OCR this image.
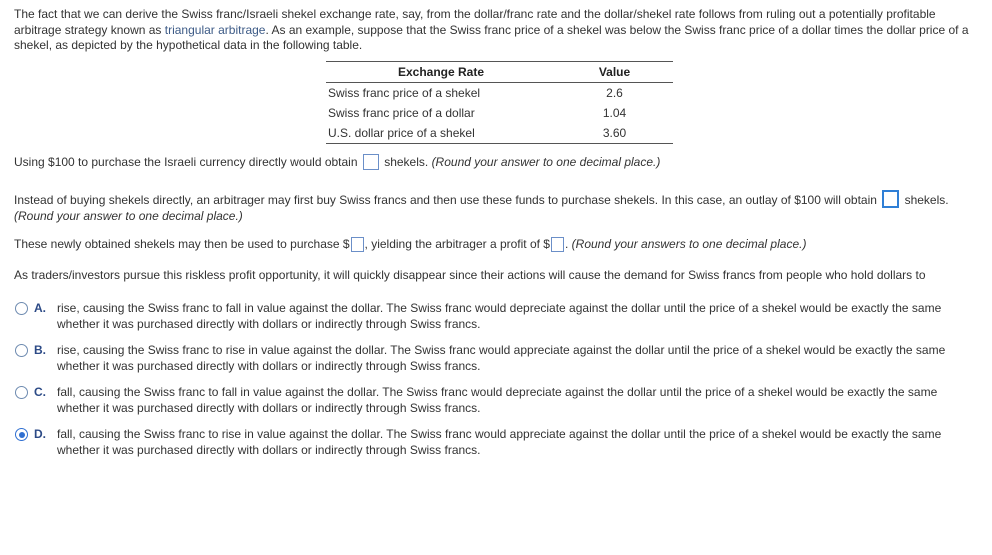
The fact that we can derive the Swiss franc/Israeli shekel exchange rate, say, from the dollar/franc rate and the dollar/shekel rate follows from ruling out a potentially profitable arbitrage strategy known as triangular arbitrage. As an example, suppose that the Swiss franc price of a shekel was below the Swiss franc price of a dollar times the dollar price of a shekel, as depicted by the hypothetical data in the following table.

Exchange Rate	Value
Swiss franc price of a shekel	2.6
Swiss franc price of a dollar	1.04
U.S. dollar price of a shekel	3.60

Using $100 to purchase the Israeli currency directly would obtain  shekels. (Round your answer to one decimal place.)

Instead of buying shekels directly, an arbitrager may first buy Swiss francs and then use these funds to purchase shekels. In this case, an outlay of $100 will obtain  shekels. (Round your answer to one decimal place.)

These newly obtained shekels may then be used to purchase $ , yielding the arbitrager a profit of $ . (Round your answers to one decimal place.)

As traders/investors pursue this riskless profit opportunity, it will quickly disappear since their actions will cause the demand for Swiss francs from people who hold dollars to

A. rise, causing the Swiss franc to fall in value against the dollar. The Swiss franc would depreciate against the dollar until the price of a shekel would be exactly the same whether it was purchased directly with dollars or indirectly through Swiss francs.
B. rise, causing the Swiss franc to rise in value against the dollar. The Swiss franc would appreciate against the dollar until the price of a shekel would be exactly the same whether it was purchased directly with dollars or indirectly through Swiss francs.
C. fall, causing the Swiss franc to fall in value against the dollar. The Swiss franc would depreciate against the dollar until the price of a shekel would be exactly the same whether it was purchased directly with dollars or indirectly through Swiss francs.
D. fall, causing the Swiss franc to rise in value against the dollar. The Swiss franc would appreciate against the dollar until the price of a shekel would be exactly the same whether it was purchased directly with dollars or indirectly through Swiss francs.
